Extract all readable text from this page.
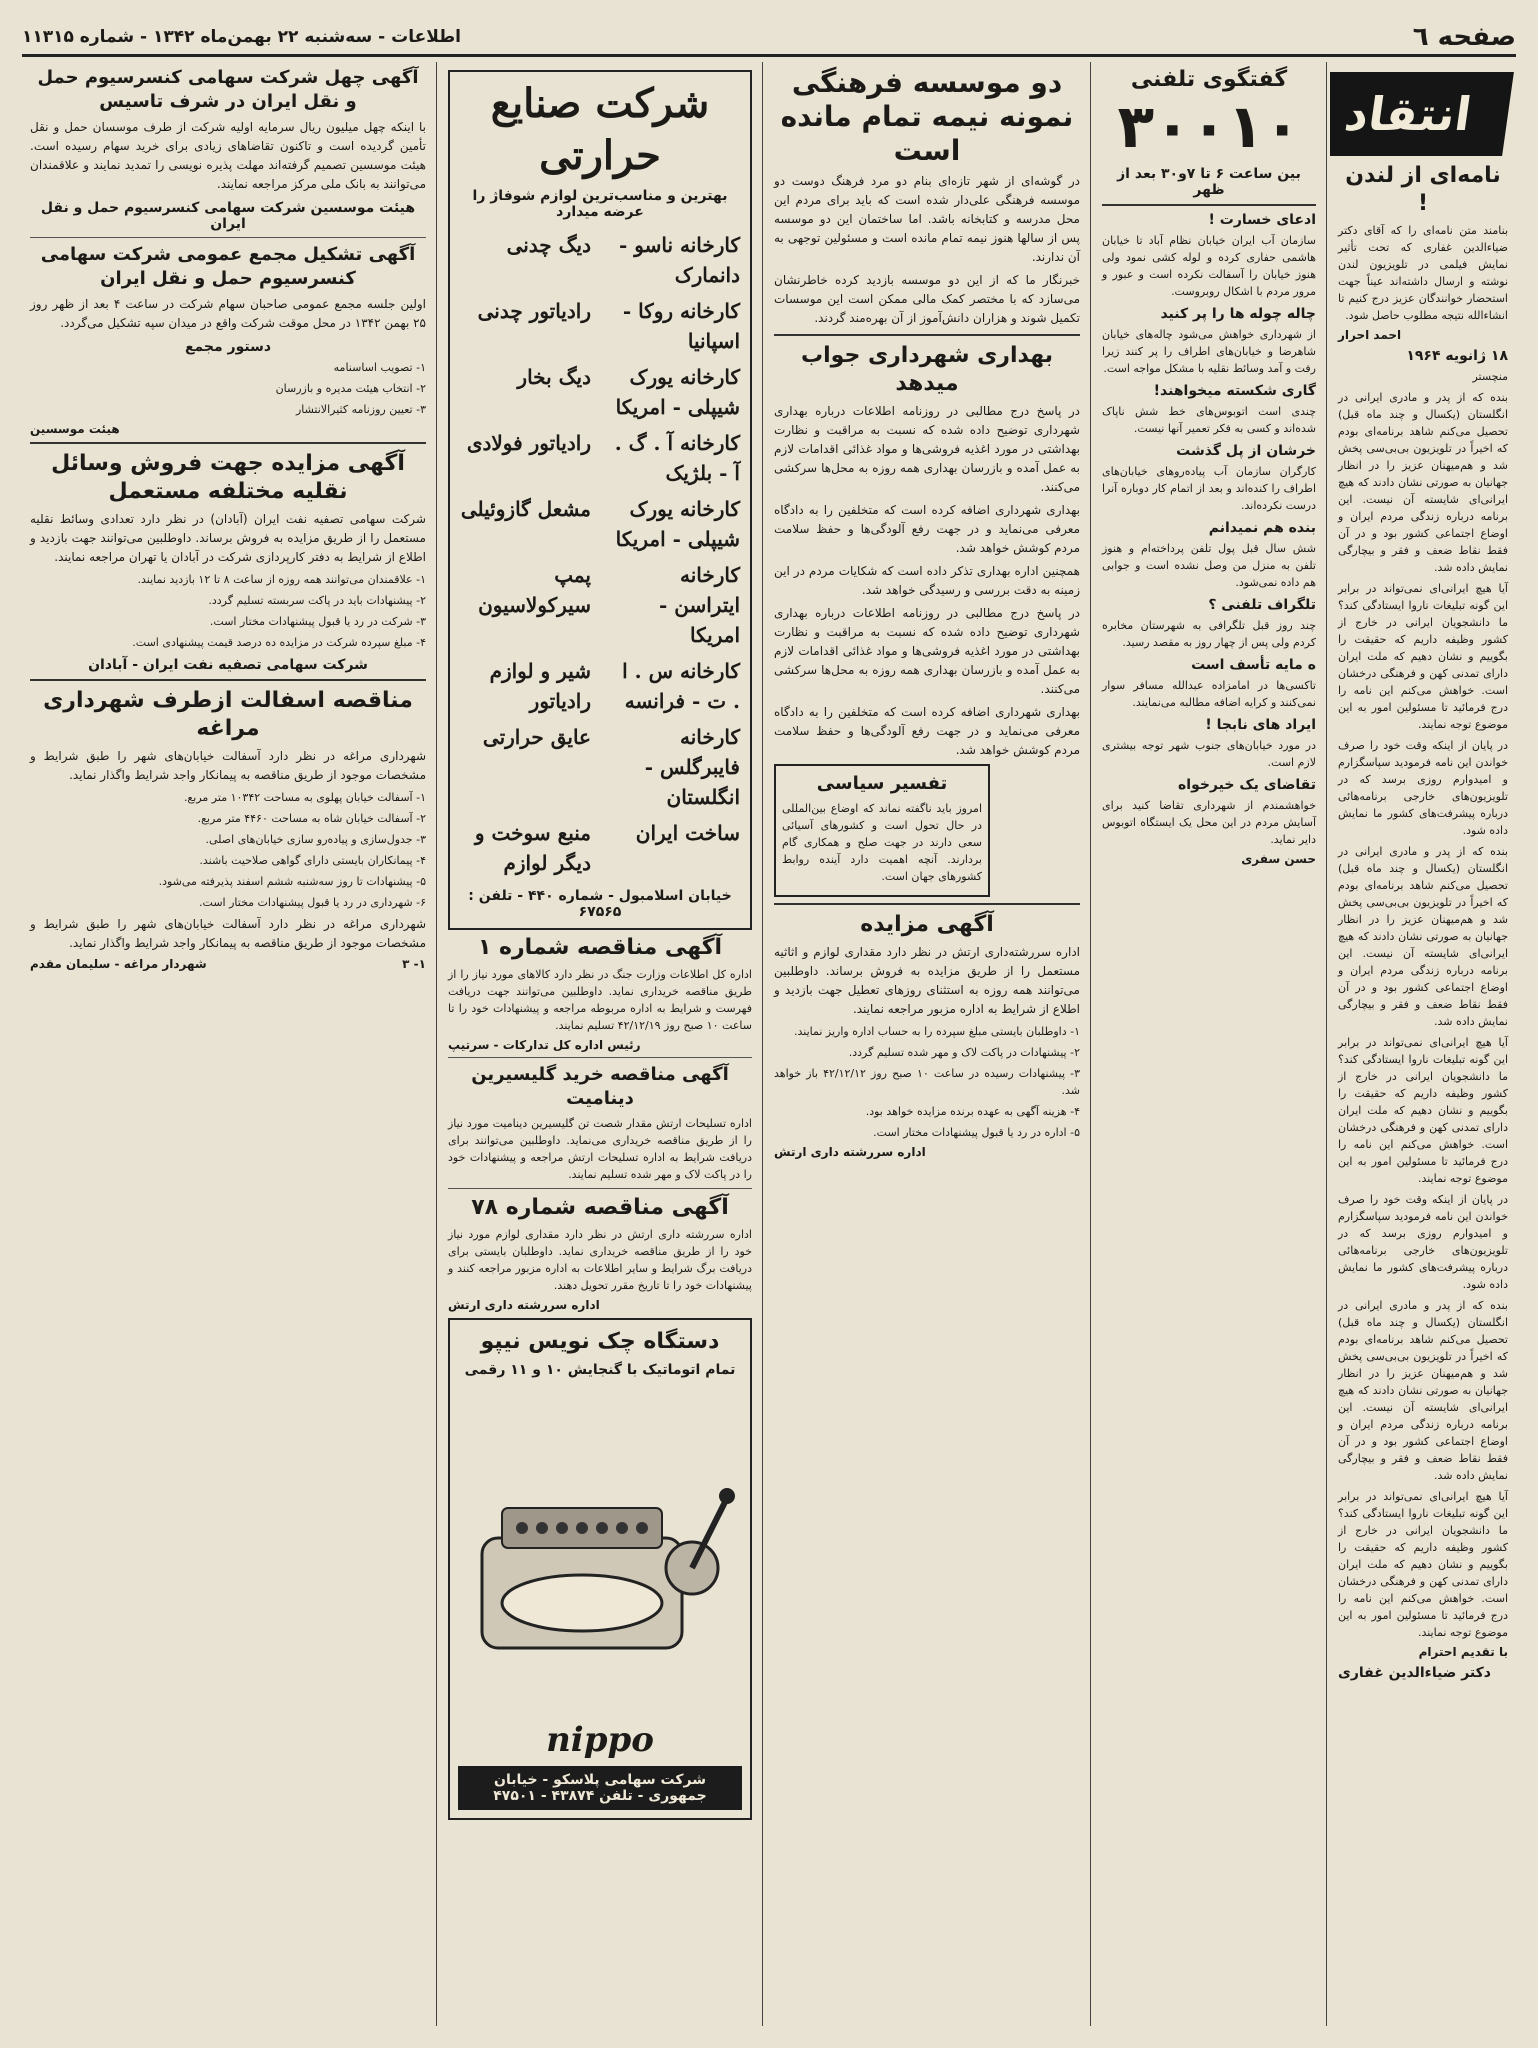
صفحه ٦
اطلاعات - سه‌شنبه ۲۲ بهمن‌ماه ۱۳۴۲ - شماره ۱۱۳۱۵
انتقاد
نامه‌ای از لندن !

بنامند متن نامه‌ای را که آقای دکتر ضیاءالدین غفاری که تحت تأثیر نمایش فیلمی در تلویزیون لندن نوشته و ارسال داشته‌اند عیناً جهت استحضار خوانندگان عزیز درج کنیم تا انشاء‌الله نتیجه مطلوب حاصل شود.

احمد احرار
۱۸ ژانویه ۱۹۶۴
منچستر

بنده که از پدر و مادری ایرانی در انگلستان (یکسال و چند ماه قبل) تحصیل می‌کنم شاهد برنامه‌ای بودم که اخیراً در تلویزیون بی‌بی‌سی پخش شد و هم‌میهنان عزیز را در انظار جهانیان به صورتی نشان دادند که هیچ ایرانی‌ای شایسته آن نیست. این برنامه درباره زندگی مردم ایران و اوضاع اجتماعی کشور بود و در آن فقط نقاط ضعف و فقر و بیچارگی نمایش داده شد.

آیا هیچ ایرانی‌ای نمی‌تواند در برابر این گونه تبلیغات ناروا ایستادگی کند؟ ما دانشجویان ایرانی در خارج از کشور وظیفه داریم که حقیقت را بگوییم و نشان دهیم که ملت ایران دارای تمدنی کهن و فرهنگی درخشان است. خواهش می‌کنم این نامه را درج فرمائید تا مسئولین امور به این موضوع توجه نمایند.

در پایان از اینکه وقت خود را صرف خواندن این نامه فرمودید سپاسگزارم و امیدوارم روزی برسد که در تلویزیون‌های خارجی برنامه‌هائی درباره پیشرفت‌های کشور ما نمایش داده شود.

بنده که از پدر و مادری ایرانی در انگلستان (یکسال و چند ماه قبل) تحصیل می‌کنم شاهد برنامه‌ای بودم که اخیراً در تلویزیون بی‌بی‌سی پخش شد و هم‌میهنان عزیز را در انظار جهانیان به صورتی نشان دادند که هیچ ایرانی‌ای شایسته آن نیست. این برنامه درباره زندگی مردم ایران و اوضاع اجتماعی کشور بود و در آن فقط نقاط ضعف و فقر و بیچارگی نمایش داده شد.

آیا هیچ ایرانی‌ای نمی‌تواند در برابر این گونه تبلیغات ناروا ایستادگی کند؟ ما دانشجویان ایرانی در خارج از کشور وظیفه داریم که حقیقت را بگوییم و نشان دهیم که ملت ایران دارای تمدنی کهن و فرهنگی درخشان است. خواهش می‌کنم این نامه را درج فرمائید تا مسئولین امور به این موضوع توجه نمایند.

در پایان از اینکه وقت خود را صرف خواندن این نامه فرمودید سپاسگزارم و امیدوارم روزی برسد که در تلویزیون‌های خارجی برنامه‌هائی درباره پیشرفت‌های کشور ما نمایش داده شود.

بنده که از پدر و مادری ایرانی در انگلستان (یکسال و چند ماه قبل) تحصیل می‌کنم شاهد برنامه‌ای بودم که اخیراً در تلویزیون بی‌بی‌سی پخش شد و هم‌میهنان عزیز را در انظار جهانیان به صورتی نشان دادند که هیچ ایرانی‌ای شایسته آن نیست. این برنامه درباره زندگی مردم ایران و اوضاع اجتماعی کشور بود و در آن فقط نقاط ضعف و فقر و بیچارگی نمایش داده شد.

آیا هیچ ایرانی‌ای نمی‌تواند در برابر این گونه تبلیغات ناروا ایستادگی کند؟ ما دانشجویان ایرانی در خارج از کشور وظیفه داریم که حقیقت را بگوییم و نشان دهیم که ملت ایران دارای تمدنی کهن و فرهنگی درخشان است. خواهش می‌کنم این نامه را درج فرمائید تا مسئولین امور به این موضوع توجه نمایند.

با تقدیم احترام
دکتر ضیاءالدین غفاری
گفتگوی تلفنی
۳۰۰۱۰
بین ساعت ۶ تا ۷و۳۰ بعد از ظهر
ادعای خسارت !

سازمان آب ایران خیابان نظام آباد تا خیابان هاشمی حفاری کرده و لوله کشی نمود ولی هنوز خیابان را آسفالت نکرده است و عبور و مرور مردم با اشکال روبروست.

چاله چوله ها را پر کنید

از شهرداری خواهش می‌شود چاله‌های خیابان شاهرضا و خیابان‌های اطراف را پر کنند زیرا رفت و آمد وسائط نقلیه با مشکل مواجه است.

گاری شکسته میخواهند!

چندی است اتوبوس‌های خط شش ناپاک شده‌اند و کسی به فکر تعمیر آنها نیست.

خرشان از پل گذشت

کارگران سازمان آب پیاده‌روهای خیابان‌های اطراف را کنده‌اند و بعد از اتمام کار دوباره آنرا درست نکرده‌اند.

بنده هم نمیدانم

شش سال قبل پول تلفن پرداخته‌ام و هنوز تلفن به منزل من وصل نشده است و جوابی هم داده نمی‌شود.

تلگراف تلفنی ؟

چند روز قبل تلگرافی به شهرستان مخابره کردم ولی پس از چهار روز به مقصد رسید.

ه مایه تأسف است

تاکسی‌ها در امامزاده عبدالله مسافر سوار نمی‌کنند و کرایه اضافه مطالبه می‌نمایند.

ایراد های نابجا !

در مورد خیابان‌های جنوب شهر توجه بیشتری لازم است.

تقاضای یک خیرخواه

خواهشمندم از شهرداری تقاضا کنید برای آسایش مردم در این محل یک ایستگاه اتوبوس دایر نماید.

حسن سفری
دو موسسه فرهنگی نمونه نیمه تمام مانده است

در گوشه‌ای از شهر تازه‌ای بنام دو مرد فرهنگ دوست دو موسسه فرهنگی علی‌دار شده است که باید برای مردم این محل مدرسه و کتابخانه باشد. اما ساختمان این دو موسسه پس از سالها هنوز نیمه تمام مانده است و مسئولین توجهی به آن ندارند.

خبرنگار ما که از این دو موسسه بازدید کرده خاطرنشان می‌سازد که با مختصر کمک مالی ممکن است این موسسات تکمیل شوند و هزاران دانش‌آموز از آن بهره‌مند گردند.

بهداری شهرداری جواب میدهد

در پاسخ درج مطالبی در روزنامه اطلاعات درباره بهداری شهرداری توضیح داده شده که نسبت به مراقبت و نظارت بهداشتی در مورد اغذیه فروشی‌ها و مواد غذائی اقدامات لازم به عمل آمده و بازرسان بهداری همه روزه به محل‌ها سرکشی می‌کنند.

بهداری شهرداری اضافه کرده است که متخلفین را به دادگاه معرفی می‌نماید و در جهت رفع آلودگی‌ها و حفظ سلامت مردم کوشش خواهد شد.

همچنین اداره بهداری تذکر داده است که شکایات مردم در این زمینه به دقت بررسی و رسیدگی خواهد شد.

در پاسخ درج مطالبی در روزنامه اطلاعات درباره بهداری شهرداری توضیح داده شده که نسبت به مراقبت و نظارت بهداشتی در مورد اغذیه فروشی‌ها و مواد غذائی اقدامات لازم به عمل آمده و بازرسان بهداری همه روزه به محل‌ها سرکشی می‌کنند.

بهداری شهرداری اضافه کرده است که متخلفین را به دادگاه معرفی می‌نماید و در جهت رفع آلودگی‌ها و حفظ سلامت مردم کوشش خواهد شد.

تفسیر سیاسی

امروز باید ناگفته نماند که اوضاع بین‌المللی در حال تحول است و کشورهای آسیائی سعی دارند در جهت صلح و همکاری گام بردارند. آنچه اهمیت دارد آینده روابط کشورهای جهان است.

آگهی مزایده

اداره سررشته‌داری ارتش در نظر دارد مقداری لوازم و اثاثیه مستعمل را از طریق مزایده به فروش برساند. داوطلبین می‌توانند همه روزه به استثنای روزهای تعطیل جهت بازدید و اطلاع از شرایط به اداره مزبور مراجعه نمایند.

۱- داوطلبان بایستی مبلغ سپرده را به حساب اداره واریز نمایند.

۲- پیشنهادات در پاکت لاک و مهر شده تسلیم گردد.

۳- پیشنهادات رسیده در ساعت ۱۰ صبح روز ۴۲/۱۲/۱۲ باز خواهد شد.

۴- هزینه آگهی به عهده برنده مزایده خواهد بود.

۵- اداره در رد یا قبول پیشنهادات مختار است.

اداره سررشته داری ارتش
شرکت صنایع حرارتی
بهترین و مناسب‌ترین لوازم شوفاژ را عرضه میدارد
کارخانه ناسو - دانمارک
دیگ چدنی
کارخانه روکا - اسپانیا
رادیاتور چدنی
کارخانه یورک شیپلی - امریکا
دیگ بخار
کارخانه آ . گ . آ - بلژیک
رادیاتور فولادی
کارخانه یورک شیپلی - امریکا
مشعل گازوئیلی
کارخانه ایتراسن - امریکا
پمپ سیرکولاسیون
کارخانه س . ا . ت - فرانسه
شیر و لوازم رادیاتور
کارخانه فایبرگلس - انگلستان
عایق حرارتی
ساخت ایران
منبع سوخت و دیگر لوازم
خیابان اسلامبول - شماره ۴۴۰ - تلفن : ۶۷۵۶۵
آگهی مناقصه شماره ۱

اداره کل اطلاعات وزارت جنگ در نظر دارد کالاهای مورد نیاز را از طریق مناقصه خریداری نماید. داوطلبین می‌توانند جهت دریافت فهرست و شرایط به اداره مربوطه مراجعه و پیشنهادات خود را تا ساعت ۱۰ صبح روز ۴۲/۱۲/۱۹ تسلیم نمایند.

رئیس اداره کل تدارکات - سرتیپ
آگهی مناقصه خرید گلیسیرین دینامیت

اداره تسلیحات ارتش مقدار شصت تن گلیسیرین دینامیت مورد نیاز را از طریق مناقصه خریداری می‌نماید. داوطلبین می‌توانند برای دریافت شرایط به اداره تسلیحات ارتش مراجعه و پیشنهادات خود را در پاکت لاک و مهر شده تسلیم نمایند.

آگهی مناقصه شماره ۷۸

اداره سررشته داری ارتش در نظر دارد مقداری لوازم مورد نیاز خود را از طریق مناقصه خریداری نماید. داوطلبان بایستی برای دریافت برگ شرایط و سایر اطلاعات به اداره مزبور مراجعه کنند و پیشنهادات خود را تا تاریخ مقرر تحویل دهند.

اداره سررشته داری ارتش
دستگاه چک نویس نیپو
تمام اتوماتیک با گنجایش ۱۰ و ۱۱ رقمی
nippo
شرکت سهامی پلاسکو - خیابان جمهوری - تلفن ۴۳۸۷۴ - ۴۷۵۰۱
آگهی چهل شرکت سهامی کنسرسیوم حمل و نقل ایران در شرف تاسیس

با اینکه چهل میلیون ریال سرمایه اولیه شرکت از طرف موسسان حمل و نقل تأمین گردیده است و تاکنون تقاضاهای زیادی برای خرید سهام رسیده است. هیئت موسسین تصمیم گرفته‌اند مهلت پذیره نویسی را تمدید نمایند و علاقمندان می‌توانند به بانک ملی مرکز مراجعه نمایند.

هیئت موسسین شرکت سهامی کنسرسیوم حمل و نقل ایران
آگهی تشکیل مجمع عمومی شرکت سهامی کنسرسیوم حمل و نقل ایران

اولین جلسه مجمع عمومی صاحبان سهام شرکت در ساعت ۴ بعد از ظهر روز ۲۵ بهمن ۱۳۴۲ در محل موقت شرکت واقع در میدان سپه تشکیل می‌گردد.

دستور مجمع

۱- تصویب اساسنامه

۲- انتخاب هیئت مدیره و بازرسان

۳- تعیین روزنامه کثیرالانتشار

هیئت موسسین
آگهی مزایده جهت فروش وسائل نقلیه مختلفه مستعمل

شرکت سهامی تصفیه نفت ایران (آبادان) در نظر دارد تعدادی وسائط نقلیه مستعمل را از طریق مزایده به فروش برساند. داوطلبین می‌توانند جهت بازدید و اطلاع از شرایط به دفتر کارپردازی شرکت در آبادان یا تهران مراجعه نمایند.

۱- علاقمندان می‌توانند همه روزه از ساعت ۸ تا ۱۲ بازدید نمایند.

۲- پیشنهادات باید در پاکت سربسته تسلیم گردد.

۳- شرکت در رد یا قبول پیشنهادات مختار است.

۴- مبلغ سپرده شرکت در مزایده ده درصد قیمت پیشنهادی است.

شرکت سهامی تصفیه نفت ایران - آبادان
مناقصه اسفالت ازطرف شهرداری مراغه

شهرداری مراغه در نظر دارد آسفالت خیابان‌های شهر را طبق شرایط و مشخصات موجود از طریق مناقصه به پیمانکار واجد شرایط واگذار نماید.

۱- آسفالت خیابان پهلوی به مساحت ۱۰۳۴۲ متر مربع.

۲- آسفالت خیابان شاه به مساحت ۴۴۶۰ متر مربع.

۳- جدول‌سازی و پیاده‌رو سازی خیابان‌های اصلی.

۴- پیمانکاران بایستی دارای گواهی صلاحیت باشند.

۵- پیشنهادات تا روز سه‌شنبه ششم اسفند پذیرفته می‌شود.

۶- شهرداری در رد یا قبول پیشنهادات مختار است.

شهرداری مراغه در نظر دارد آسفالت خیابان‌های شهر را طبق شرایط و مشخصات موجود از طریق مناقصه به پیمانکار واجد شرایط واگذار نماید.

۱- ۳
شهردار مراغه - سلیمان مقدم
